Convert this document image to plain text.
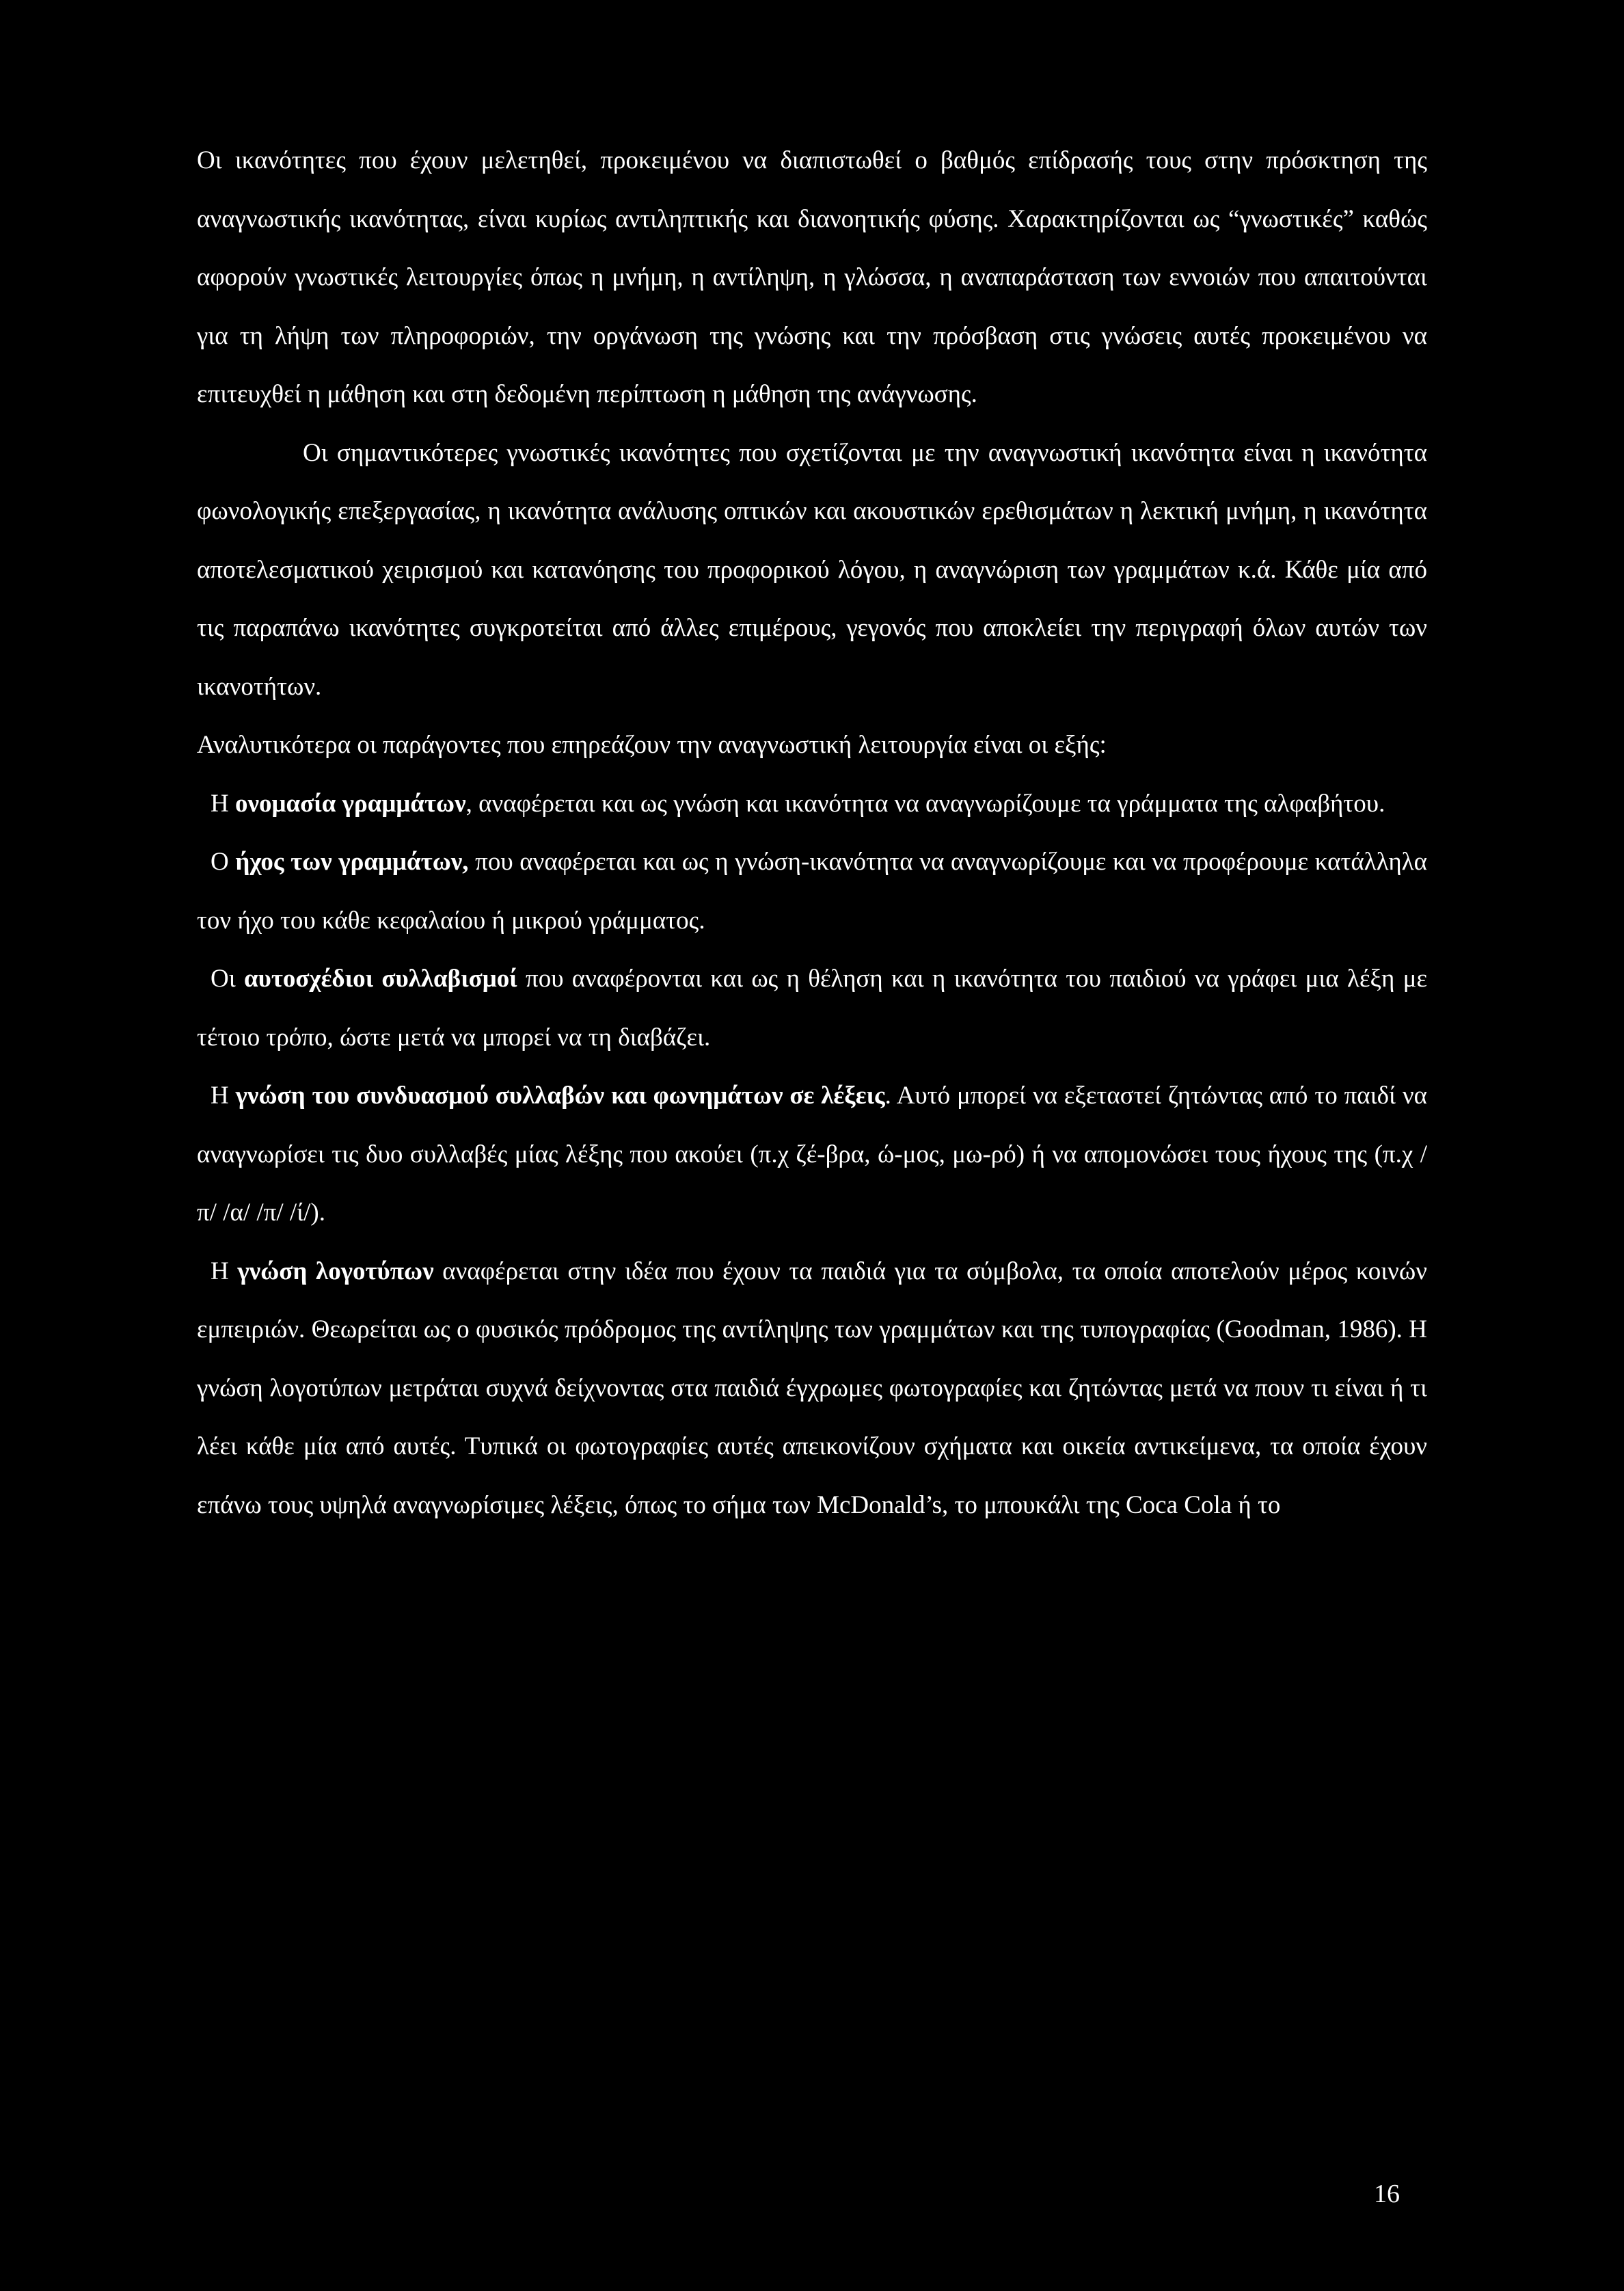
Οι ικανότητες που έχουν μελετηθεί, προκειμένου να διαπιστωθεί ο βαθμός επίδρασής τους στην πρόσκτηση της αναγνωστικής ικανότητας, είναι κυρίως αντιληπτικής και διανοητικής φύσης. Χαρακτηρίζονται ως “γνωστικές” καθώς αφορούν γνωστικές λειτουργίες όπως η μνήμη, η αντίληψη, η γλώσσα, η αναπαράσταση των εννοιών που απαιτούνται για τη λήψη των πληροφοριών, την οργάνωση της γνώσης και την πρόσβαση στις γνώσεις αυτές προκειμένου να επιτευχθεί η μάθηση και στη δεδομένη περίπτωση η μάθηση της ανάγνωσης.

Οι σημαντικότερες γνωστικές ικανότητες που σχετίζονται με την αναγνωστική ικανότητα είναι η ικανότητα φωνολογικής επεξεργασίας, η ικανότητα ανάλυσης οπτικών και ακουστικών ερεθισμάτων η λεκτική μνήμη, η ικανότητα αποτελεσματικού χειρισμού και κατανόησης του προφορικού λόγου, η αναγνώριση των γραμμάτων κ.ά. Κάθε μία από τις παραπάνω ικανότητες συγκροτείται από άλλες επιμέρους, γεγονός που αποκλείει την περιγραφή όλων αυτών των ικανοτήτων.

Αναλυτικότερα οι παράγοντες που επηρεάζουν την αναγνωστική λειτουργία είναι οι εξής:

Η ονομασία γραμμάτων, αναφέρεται και ως γνώση και ικανότητα να αναγνωρίζουμε τα γράμματα της αλφαβήτου.

Ο ήχος των γραμμάτων, που αναφέρεται και ως η γνώση-ικανότητα να αναγνωρίζουμε και να προφέρουμε κατάλληλα τον ήχο του κάθε κεφαλαίου ή μικρού γράμματος.

Οι αυτοσχέδιοι συλλαβισμοί που αναφέρονται και ως η θέληση και η ικανότητα του παιδιού να γράφει μια λέξη με τέτοιο τρόπο, ώστε μετά να μπορεί να τη διαβάζει.

Η γνώση του συνδυασμού συλλαβών και φωνημάτων σε λέξεις. Αυτό μπορεί να εξεταστεί ζητώντας από το παιδί να αναγνωρίσει τις δυο συλλαβές μίας λέξης που ακούει (π.χ ζέ-βρα, ώ-μος, μω-ρό) ή να απομονώσει τους ήχους της (π.χ /π/ /α/ /π/ /ί/).

Η γνώση λογοτύπων αναφέρεται στην ιδέα που έχουν τα παιδιά για τα σύμβολα, τα οποία αποτελούν μέρος κοινών εμπειριών. Θεωρείται ως ο φυσικός πρόδρομος της αντίληψης των γραμμάτων και της τυπογραφίας (Goodman, 1986). Η γνώση λογοτύπων μετράται συχνά δείχνοντας στα παιδιά έγχρωμες φωτογραφίες και ζητώντας μετά να πουν τι είναι ή τι λέει κάθε μία από αυτές. Τυπικά οι φωτογραφίες αυτές απεικονίζουν σχήματα και οικεία αντικείμενα, τα οποία έχουν επάνω τους υψηλά αναγνωρίσιμες λέξεις, όπως το σήμα των McDonald’s, το μπουκάλι της Coca Cola ή το

16
